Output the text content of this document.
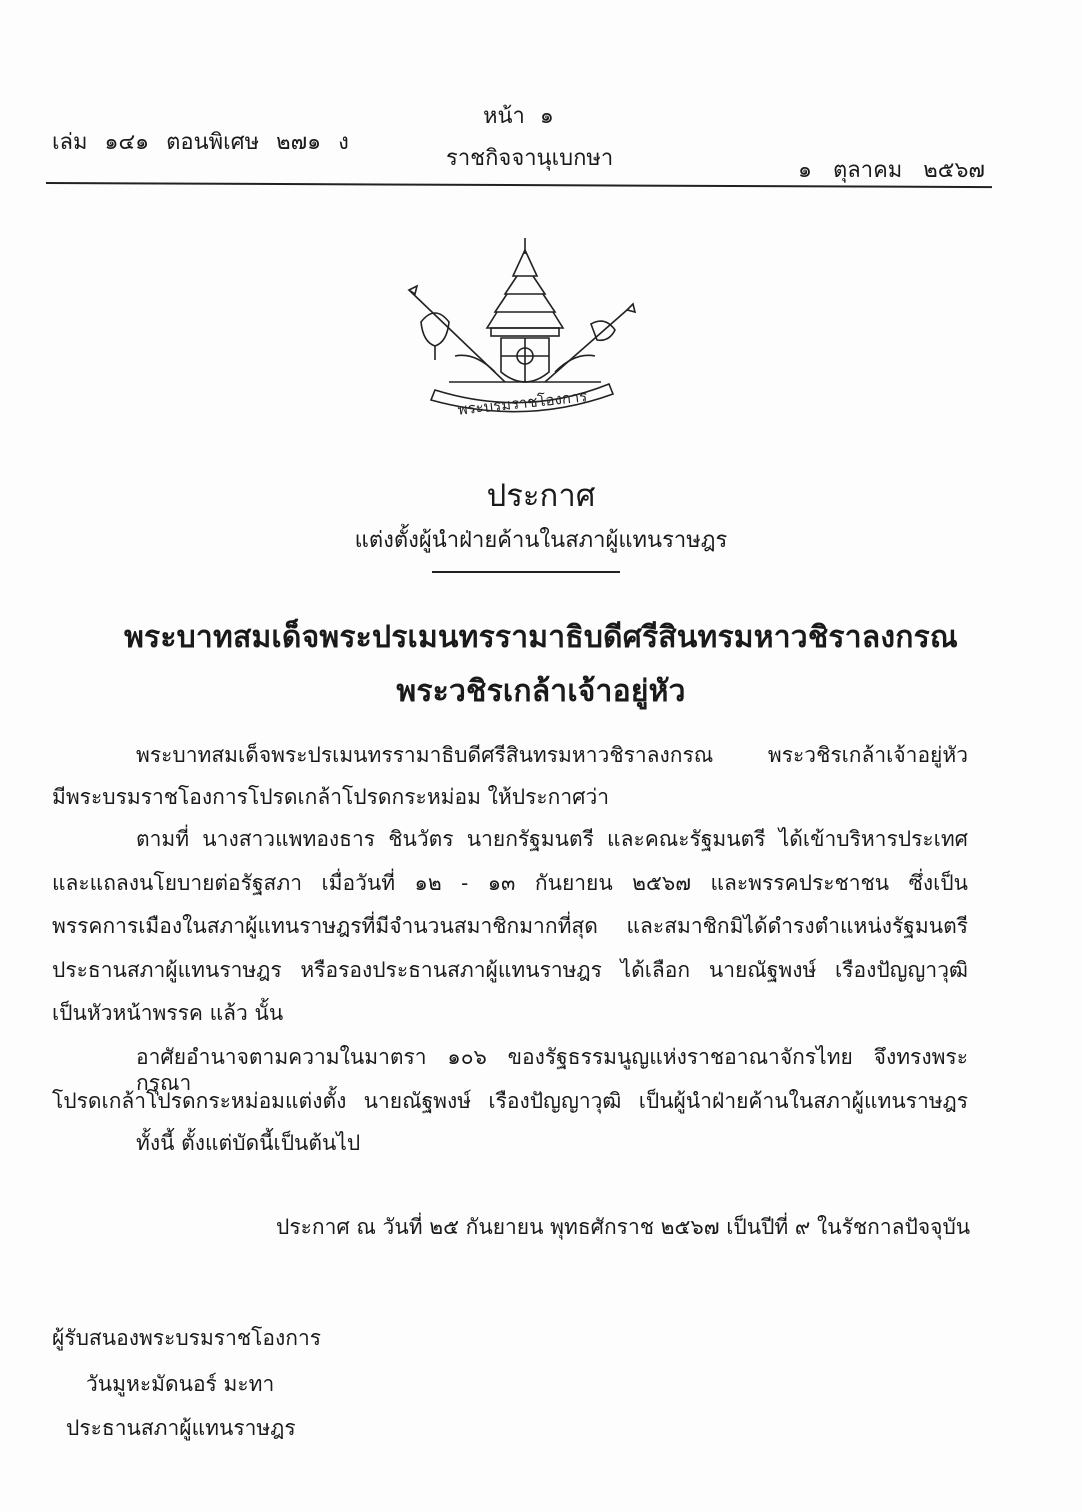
เล่ม ๑๔๑ ตอนพิเศษ ๒๗๑ ง
หน้า ๑
ราชกิจจานุเบกษา	๑ ตุลาคม ๒๕๖๗
พระบรมราชโองการ
ประกาศ
แต่งตั้งผู้นำฝ่ายค้านในสภาผู้แทนราษฎร
พระบาทสมเด็จพระปรเมนทรรามาธิบดีศรีสินทรมหาวชิราลงกรณ
พระวชิรเกล้าเจ้าอยู่หัว
พระบาทสมเด็จพระปรเมนทรรามาธิบดีศรีสินทรมหาวชิราลงกรณ พระวชิรเกล้าเจ้าอยู่หัว
มีพระบรมราชโองการโปรดเกล้าโปรดกระหม่อม ให้ประกาศว่า
ตามที่ นางสาวแพทองธาร ชินวัตร นายกรัฐมนตรี และคณะรัฐมนตรี ได้เข้าบริหารประเทศ
และแถลงนโยบายต่อรัฐสภา เมื่อวันที่ ๑๒ - ๑๓ กันยายน ๒๕๖๗ และพรรคประชาชน ซึ่งเป็น
พรรคการเมืองในสภาผู้แทนราษฎรที่มีจำนวนสมาชิกมากที่สุด และสมาชิกมิได้ดำรงตำแหน่งรัฐมนตรี
ประธานสภาผู้แทนราษฎร หรือรองประธานสภาผู้แทนราษฎร ได้เลือก นายณัฐพงษ์ เรืองปัญญาวุฒิ
เป็นหัวหน้าพรรค แล้ว นั้น
อาศัยอำนาจตามความในมาตรา ๑๐๖ ของรัฐธรรมนูญแห่งราชอาณาจักรไทย จึงทรงพระกรุณา
โปรดเกล้าโปรดกระหม่อมแต่งตั้ง นายณัฐพงษ์ เรืองปัญญาวุฒิ เป็นผู้นำฝ่ายค้านในสภาผู้แทนราษฎร
ทั้งนี้ ตั้งแต่บัดนี้เป็นต้นไป
ประกาศ ณ วันที่ ๒๕ กันยายน พุทธศักราช ๒๕๖๗ เป็นปีที่ ๙ ในรัชกาลปัจจุบัน
ผู้รับสนองพระบรมราชโองการ
วันมูหะมัดนอร์ มะทา
ประธานสภาผู้แทนราษฎร
